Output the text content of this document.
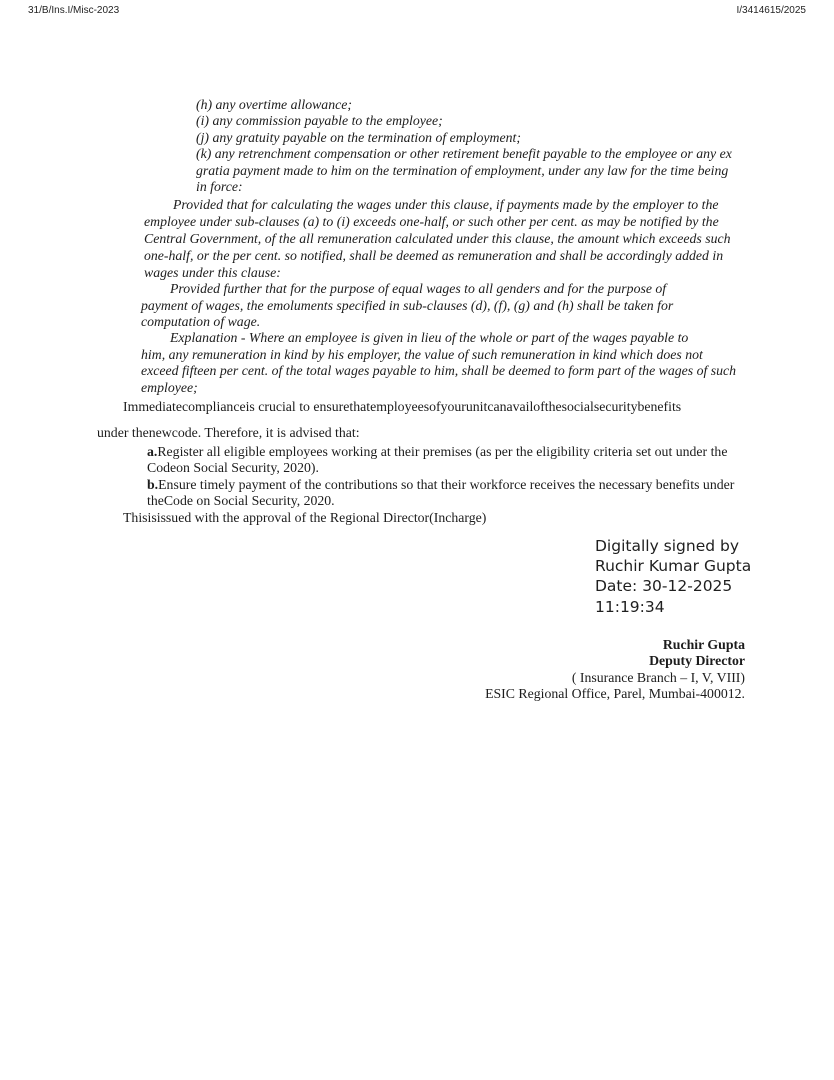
31/B/Ins.I/Misc-2023	I/3414615/2025
(h) any overtime allowance;
(i) any commission payable to the employee;
(j) any gratuity payable on the termination of employment;
(k) any retrenchment compensation or other retirement benefit payable to the employee or any ex
gratia payment made to him on the termination of employment, under any law for the time being
in force:
Provided that for calculating the wages under this clause, if payments made by the employer to the
employee under sub-clauses (a) to (i) exceeds one-half, or such other per cent. as may be notified by the
Central Government, of the all remuneration calculated under this clause, the amount which exceeds such
one-half, or the per cent. so notified, shall be deemed as remuneration and shall be accordingly added in
wages under this clause:
Provided further that for the purpose of equal wages to all genders and for the purpose of
payment of wages, the emoluments specified in sub-clauses (d), (f), (g) and (h) shall be taken for
computation of wage.
Explanation - Where an employee is given in lieu of the whole or part of the wages payable to
him, any remuneration in kind by his employer, the value of such remuneration in kind which does not
exceed fifteen per cent. of the total wages payable to him, shall be deemed to form part of the wages of such
employee;
Immediatecomplianceis crucial to ensurethatemployeesofyourunitcanavailofthesocialsecuritybenefits
under thenewcode. Therefore, it is advised that:
a.Register all eligible employees working at their premises (as per the eligibility criteria set out under the
Codeon Social Security, 2020).
b.Ensure timely payment of the contributions so that their workforce receives the necessary benefits under
theCode on Social Security, 2020.
Thisisissued with the approval of the Regional Director(Incharge)
Digitally signed by
Ruchir Kumar Gupta
Date: 30-12-2025
11:19:34
Ruchir Gupta
Deputy Director
( Insurance Branch – I, V, VIII)
ESIC Regional Office, Parel, Mumbai-400012.
